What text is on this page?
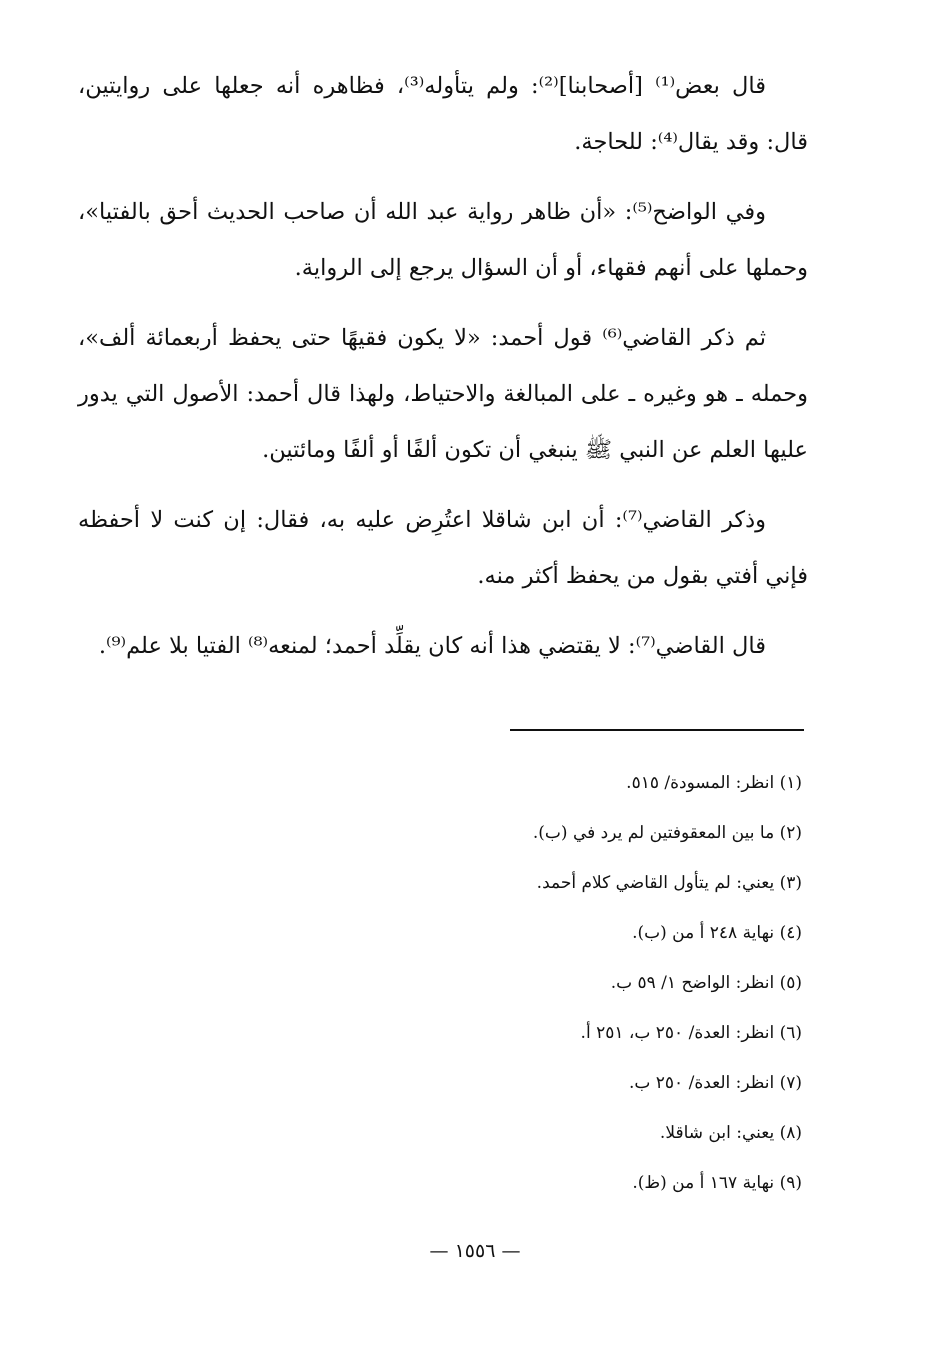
قال بعض⁽¹⁾ [أصحابنا]⁽²⁾: ولم يتأوله⁽³⁾، فظاهره أنه جعلها على روايتين، قال: وقد يقال⁽⁴⁾: للحاجة.

وفي الواضح⁽⁵⁾: «أن ظاهر رواية عبد الله أن صاحب الحديث أحق بالفتيا»، وحملها على أنهم فقهاء، أو أن السؤال يرجع إلى الرواية.

ثم ذكر القاضي⁽⁶⁾ قول أحمد: «لا يكون فقيهًا حتى يحفظ أربعمائة ألف»، وحمله ـ هو وغيره ـ على المبالغة والاحتياط، ولهذا قال أحمد: الأصول التي يدور عليها العلم عن النبي ﷺ ينبغي أن تكون ألفًا أو ألفًا ومائتين.

وذكر القاضي⁽⁷⁾: أن ابن شاقلا اعتُرِض عليه به، فقال: إن كنت لا أحفظه فإني أفتي بقول من يحفظ أكثر منه.

قال القاضي⁽⁷⁾: لا يقتضي هذا أنه كان يقلِّد أحمد؛ لمنعه⁽⁸⁾ الفتيا بلا علم⁽⁹⁾.

(١) انظر: المسودة/ ٥١٥.

(٢) ما بين المعقوفتين لم يرد في (ب).

(٣) يعني: لم يتأول القاضي كلام أحمد.

(٤) نهاية ٢٤٨ أ من (ب).

(٥) انظر: الواضح ١/ ٥٩ ب.

(٦) انظر: العدة/ ٢٥٠ ب، ٢٥١ أ.

(٧) انظر: العدة/ ٢٥٠ ب.

(٨) يعني: ابن شاقلا.

(٩) نهاية ١٦٧ أ من (ظ).

— ١٥٥٦ —
